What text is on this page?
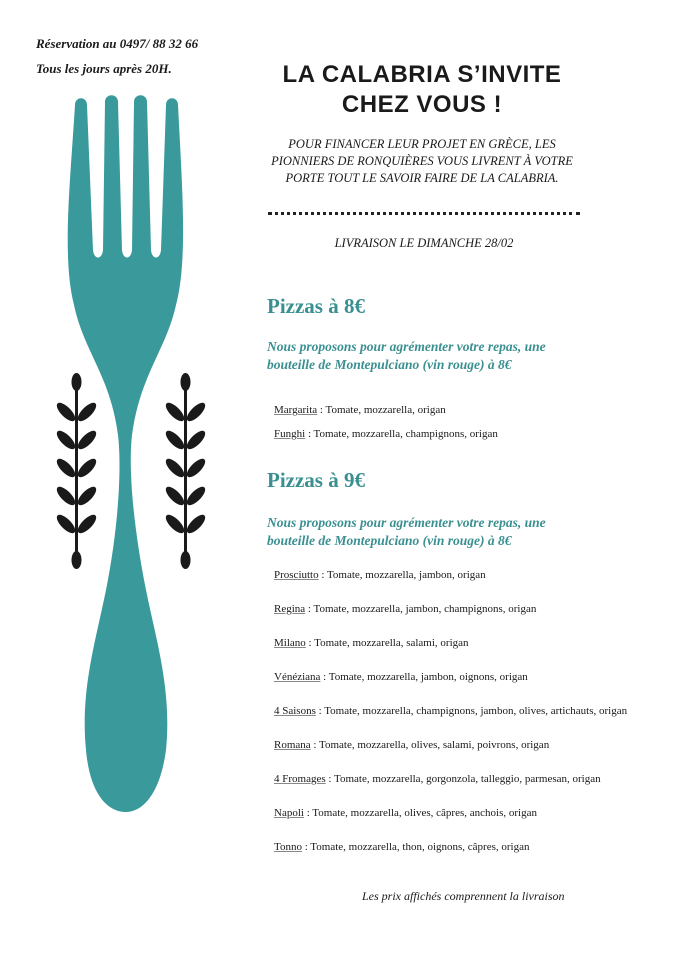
Réservation au 0497/ 88 32 66
Tous les jours après 20H.	LA CALABRIA S’INVITE
CHEZ VOUS !
POUR FINANCER LEUR PROJET EN GRÈCE, LES PIONNIERS DE RONQUIÈRES VOUS LIVRENT À VOTRE PORTE TOUT LE SAVOIR FAIRE DE LA CALABRIA.
LIVRAISON LE DIMANCHE 28/02
Pizzas à 8€
Nous proposons pour agrémenter votre repas, une bouteille de Montepulciano (vin rouge) à 8€
Margarita : Tomate, mozzarella, origan
Funghi : Tomate, mozzarella, champignons, origan
Pizzas à 9€
Nous proposons pour agrémenter votre repas, une bouteille de Montepulciano (vin rouge) à 8€
Prosciutto : Tomate, mozzarella, jambon, origan
Regina : Tomate, mozzarella, jambon, champignons, origan
Milano : Tomate, mozzarella, salami, origan
Vénéziana : Tomate, mozzarella, jambon, oignons, origan
4 Saisons : Tomate, mozzarella, champignons, jambon, olives, artichauts, origan
Romana : Tomate, mozzarella, olives, salami, poivrons, origan
4 Fromages : Tomate, mozzarella, gorgonzola, talleggio, parmesan, origan
Napoli : Tomate, mozzarella, olives, câpres, anchois, origan
Tonno : Tomate, mozzarella, thon, oignons, câpres, origan
Les prix affichés comprennent la livraison
